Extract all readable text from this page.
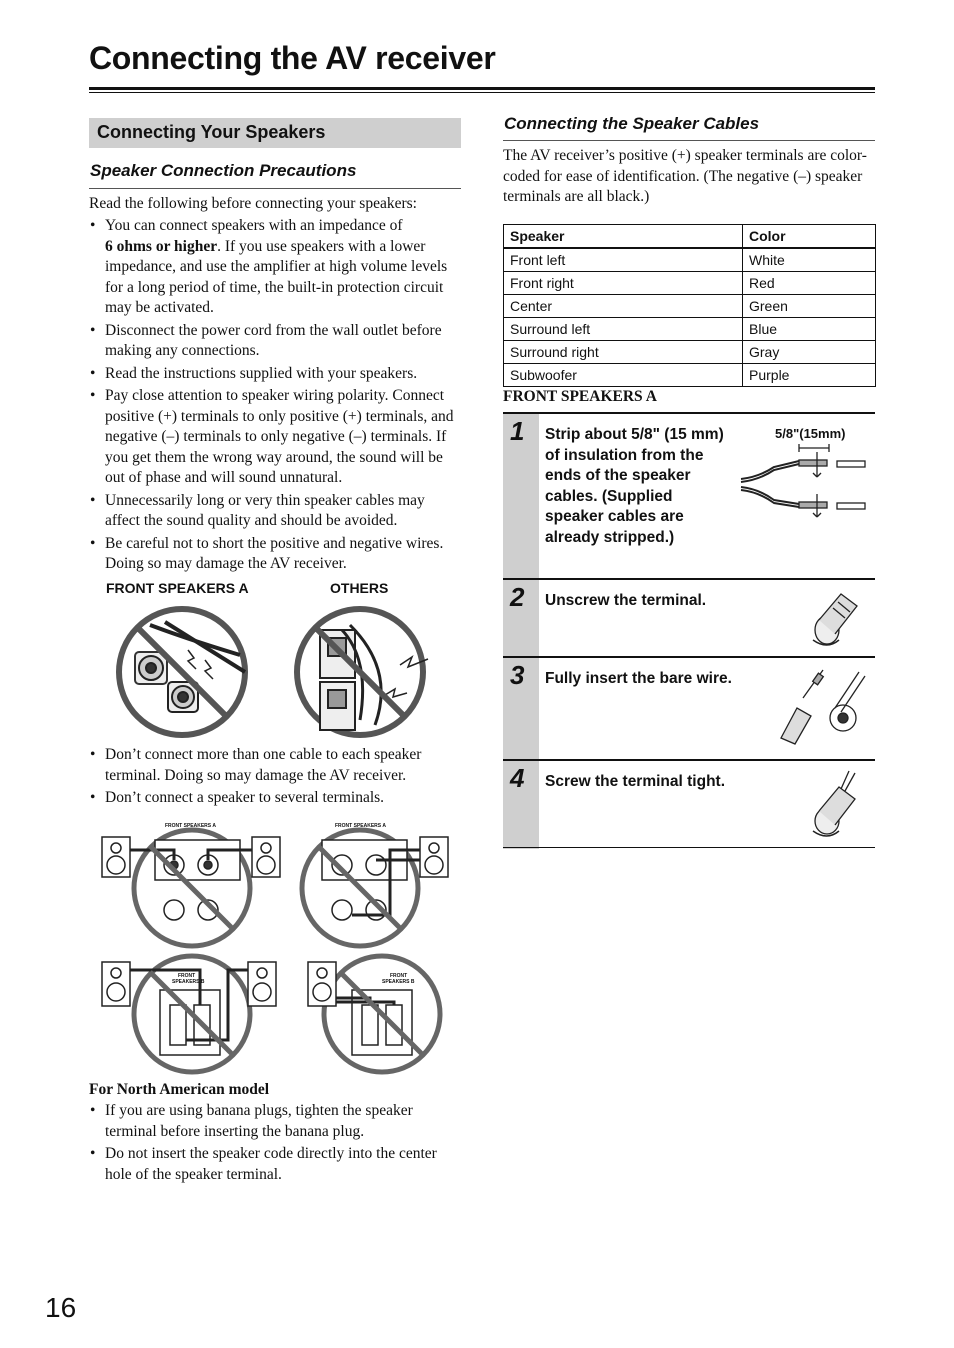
Connecting the AV receiver
Connecting Your Speakers
Speaker Connection Precautions
Read the following before connecting your speakers:
• You can connect speakers with an impedance of
6 ohms or higher. If you use speakers with a lower impedance, and use the amplifier at high volume levels for a long period of time, the built-in protection circuit may be activated.
• Disconnect the power cord from the wall outlet before making any connections.
• Read the instructions supplied with your speakers.
• Pay close attention to speaker wiring polarity. Connect positive (+) terminals to only positive (+) terminals, and negative (–) terminals to only negative (–) terminals. If you get them the wrong way around, the sound will be out of phase and will sound unnatural.
• Unnecessarily long or very thin speaker cables may affect the sound quality and should be avoided.
• Be careful not to short the positive and negative wires. Doing so may damage the AV receiver.
FRONT SPEAKERS A	OTHERS
• Don’t connect more than one cable to each speaker terminal. Doing so may damage the AV receiver.
• Don’t connect a speaker to several terminals.
FRONT SPEAKERS A	FRONT SPEAKERS A
FRONT
SPEAKERS B
FRONT
SPEAKERS B
For North American model
• If you are using banana plugs, tighten the speaker terminal before inserting the banana plug.
• Do not insert the speaker code directly into the center hole of the speaker terminal.
Connecting the Speaker Cables
The AV receiver’s positive (+) speaker terminals are color-coded for ease of identification. (The negative (–) speaker terminals are all black.)
Speaker	Color
Front left	White
Front right	Red
Center	Green
Surround left	Blue
Surround right	Gray
Subwoofer	Purple
FRONT SPEAKERS A
1 Strip about 5/8" (15 mm) of insulation from the ends of the speaker cables. (Supplied speaker cables are already stripped.)
5/8"(15mm)
2 Unscrew the terminal.
3 Fully insert the bare wire.
4 Screw the terminal tight.
16
